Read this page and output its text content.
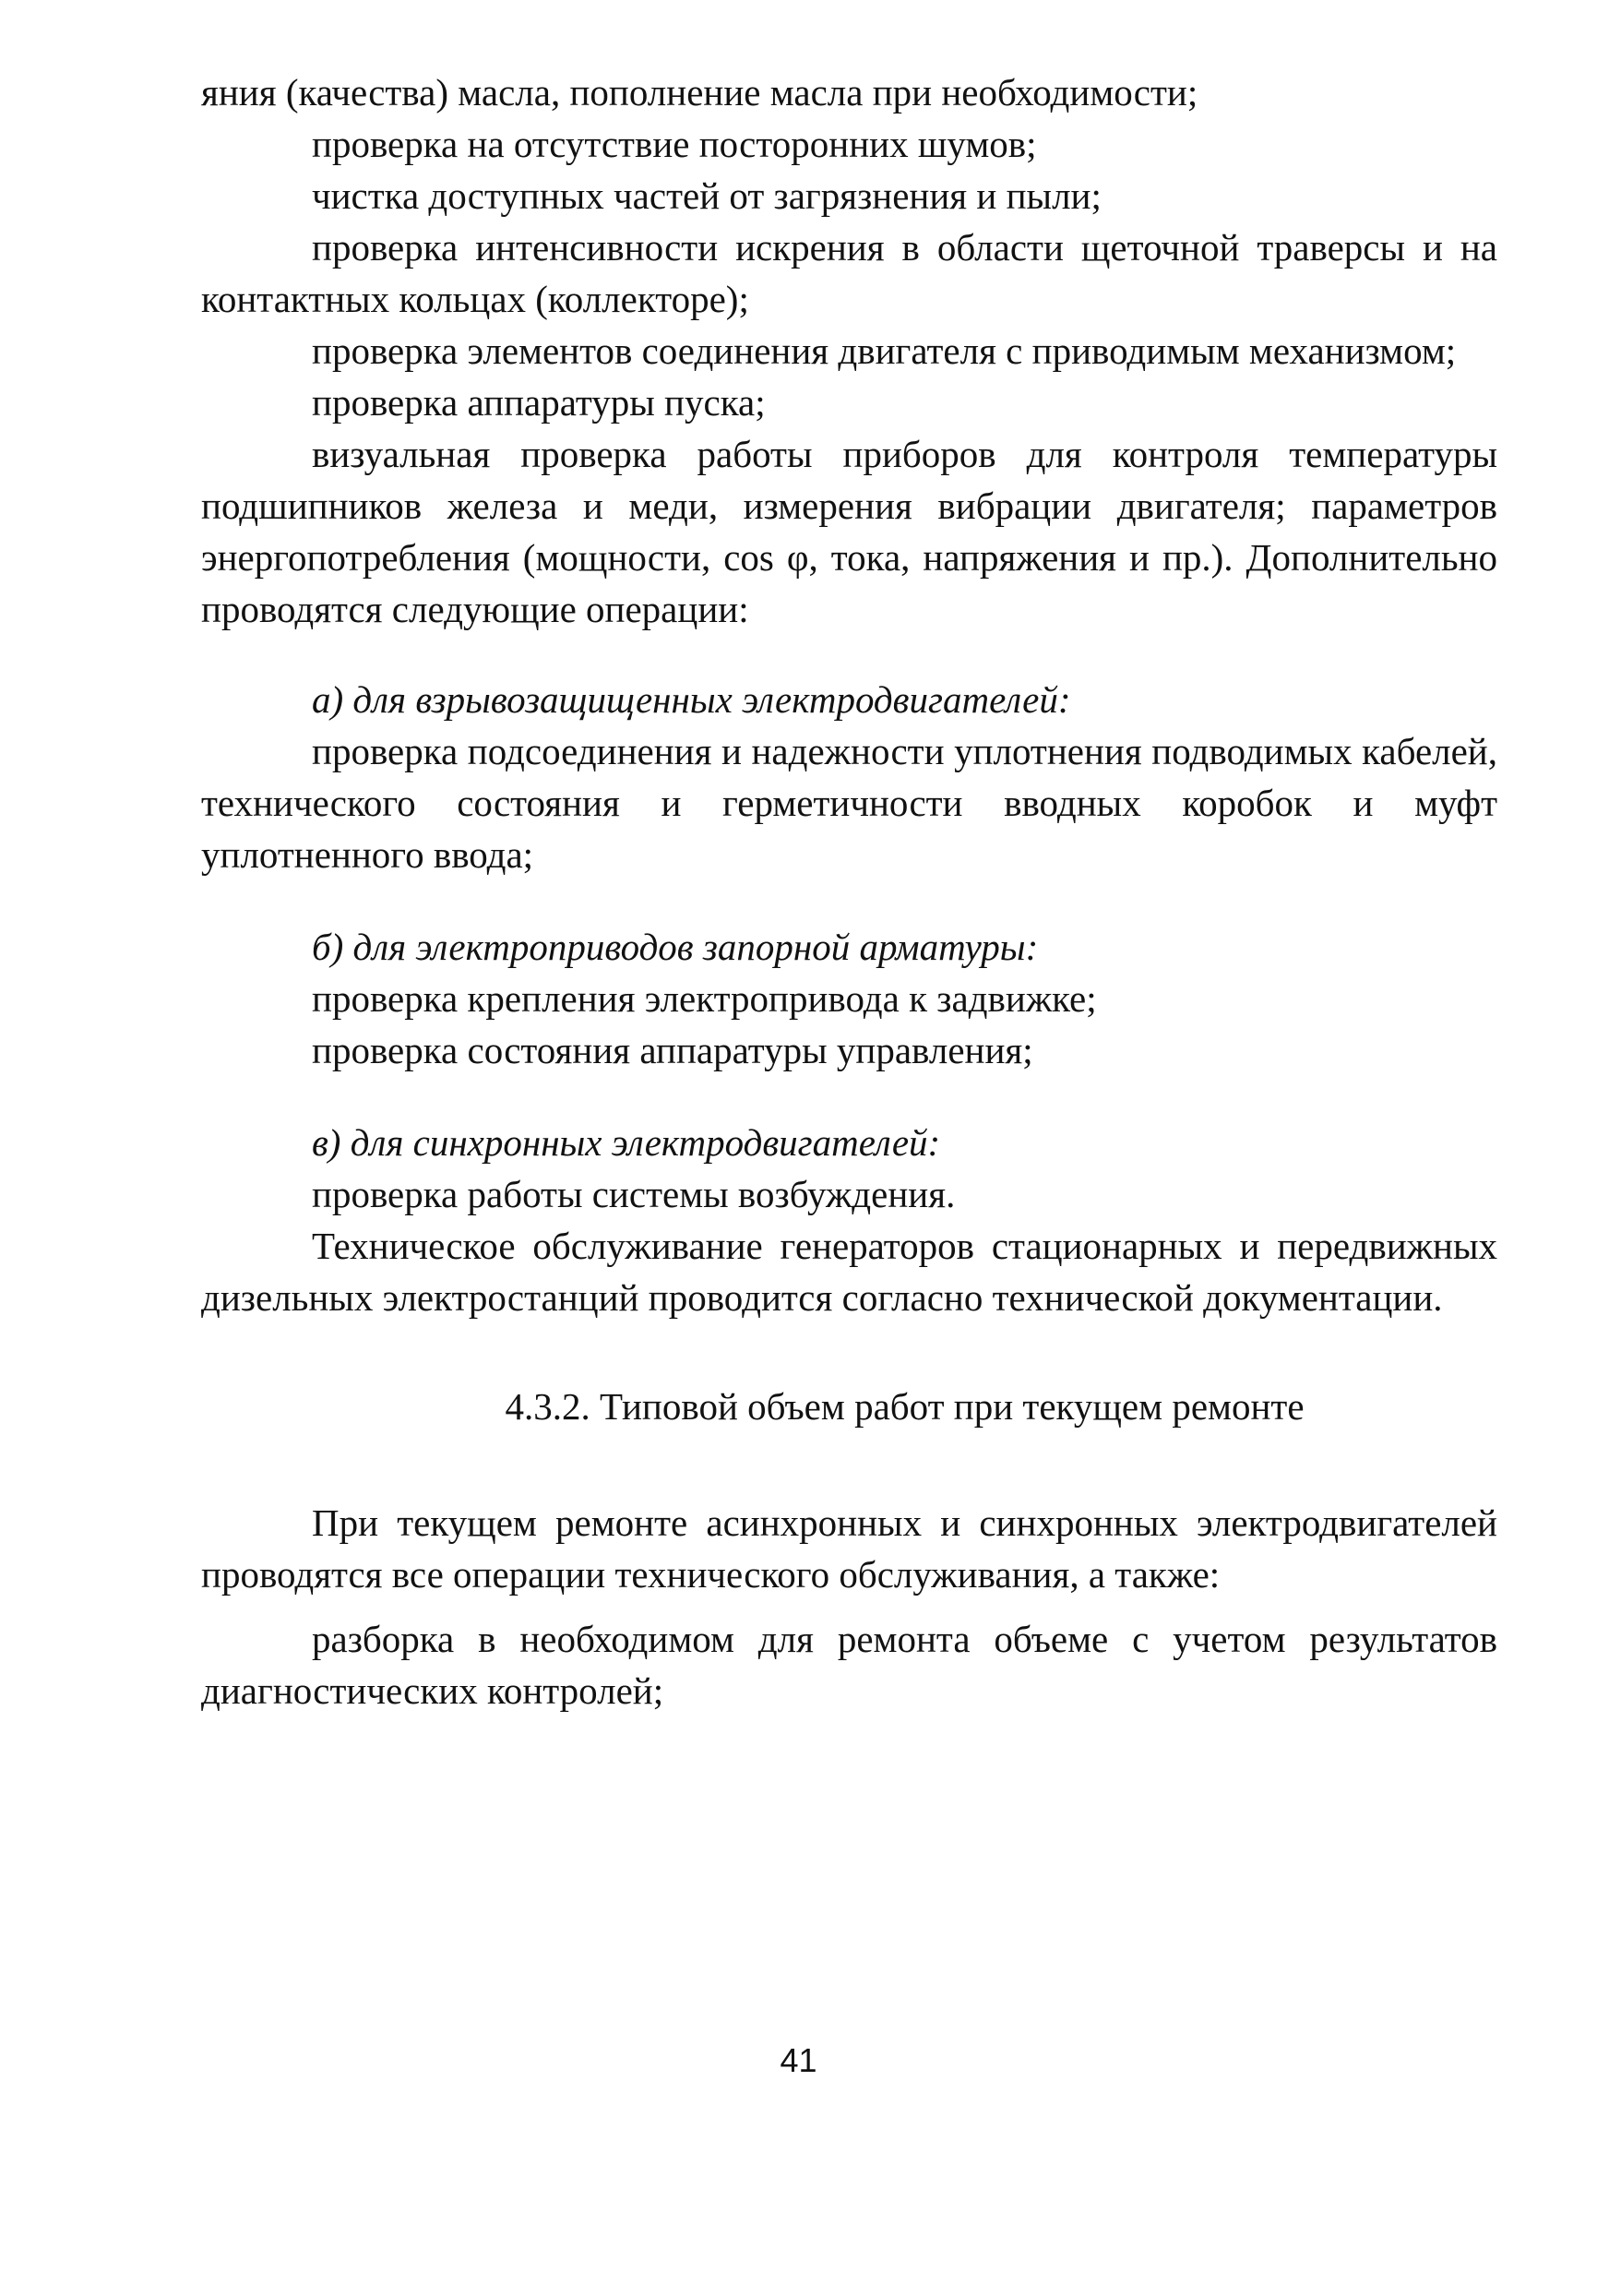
яния (качества) масла, пополнение масла при необходимости;

проверка на отсутствие посторонних шумов;

чистка доступных частей от загрязнения и пыли;

проверка интенсивности искрения в области щеточной траверсы и на контактных кольцах (коллекторе);

проверка элементов соединения двигателя с приводимым механизмом;

проверка аппаратуры пуска;

визуальная проверка работы приборов для контроля температуры подшипников железа и меди, измерения вибрации двигателя; параметров энергопотребления (мощности, cos φ, тока, напряжения и пр.). Дополнительно проводятся следующие операции:

а) для взрывозащищенных электродвигателей:

проверка подсоединения и надежности уплотнения подводимых кабелей, технического состояния и герметичности вводных коробок и муфт уплотненного ввода;

б) для электроприводов запорной арматуры:

проверка крепления электропривода к задвижке;

проверка состояния аппаратуры управления;

в) для синхронных электродвигателей:

проверка работы системы возбуждения.

Техническое обслуживание генераторов стационарных и передвижных дизельных электростанций проводится согласно технической документации.

4.3.2. Типовой объем работ при текущем ремонте

При текущем ремонте асинхронных и синхронных электродвигателей проводятся все операции технического обслуживания, а также:

разборка в необходимом для ремонта объеме с учетом результатов диагностических контролей;

41
